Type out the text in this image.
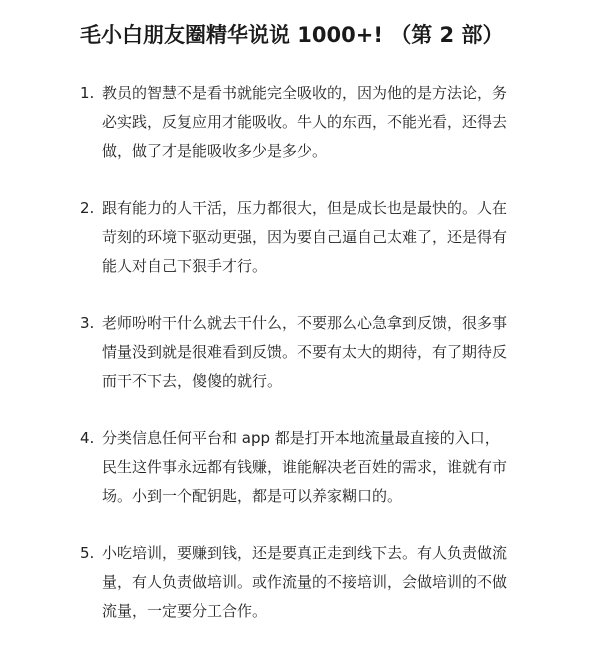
毛小白朋友圈精华说说 1000+! （第 2 部）
1. 教员的智慧不是看书就能完全吸收的，因为他的是方法论，务必实践，反复应用才能吸收。牛人的东西，不能光看，还得去做，做了才是能吸收多少是多少。
2. 跟有能力的人干活，压力都很大，但是成长也是最快的。人在苛刻的环境下驱动更强，因为要自己逼自己太难了，还是得有能人对自己下狠手才行。
3. 老师吩咐干什么就去干什么，不要那么心急拿到反馈，很多事情量没到就是很难看到反馈。不要有太大的期待，有了期待反而干不下去，傻傻的就行。
4. 分类信息任何平台和 app 都是打开本地流量最直接的入口，民生这件事永远都有钱赚，谁能解决老百姓的需求，谁就有市场。小到一个配钥匙，都是可以养家糊口的。
5. 小吃培训，要赚到钱，还是要真正走到线下去。有人负责做流量，有人负责做培训。或作流量的不接培训，会做培训的不做流量，一定要分工合作。
